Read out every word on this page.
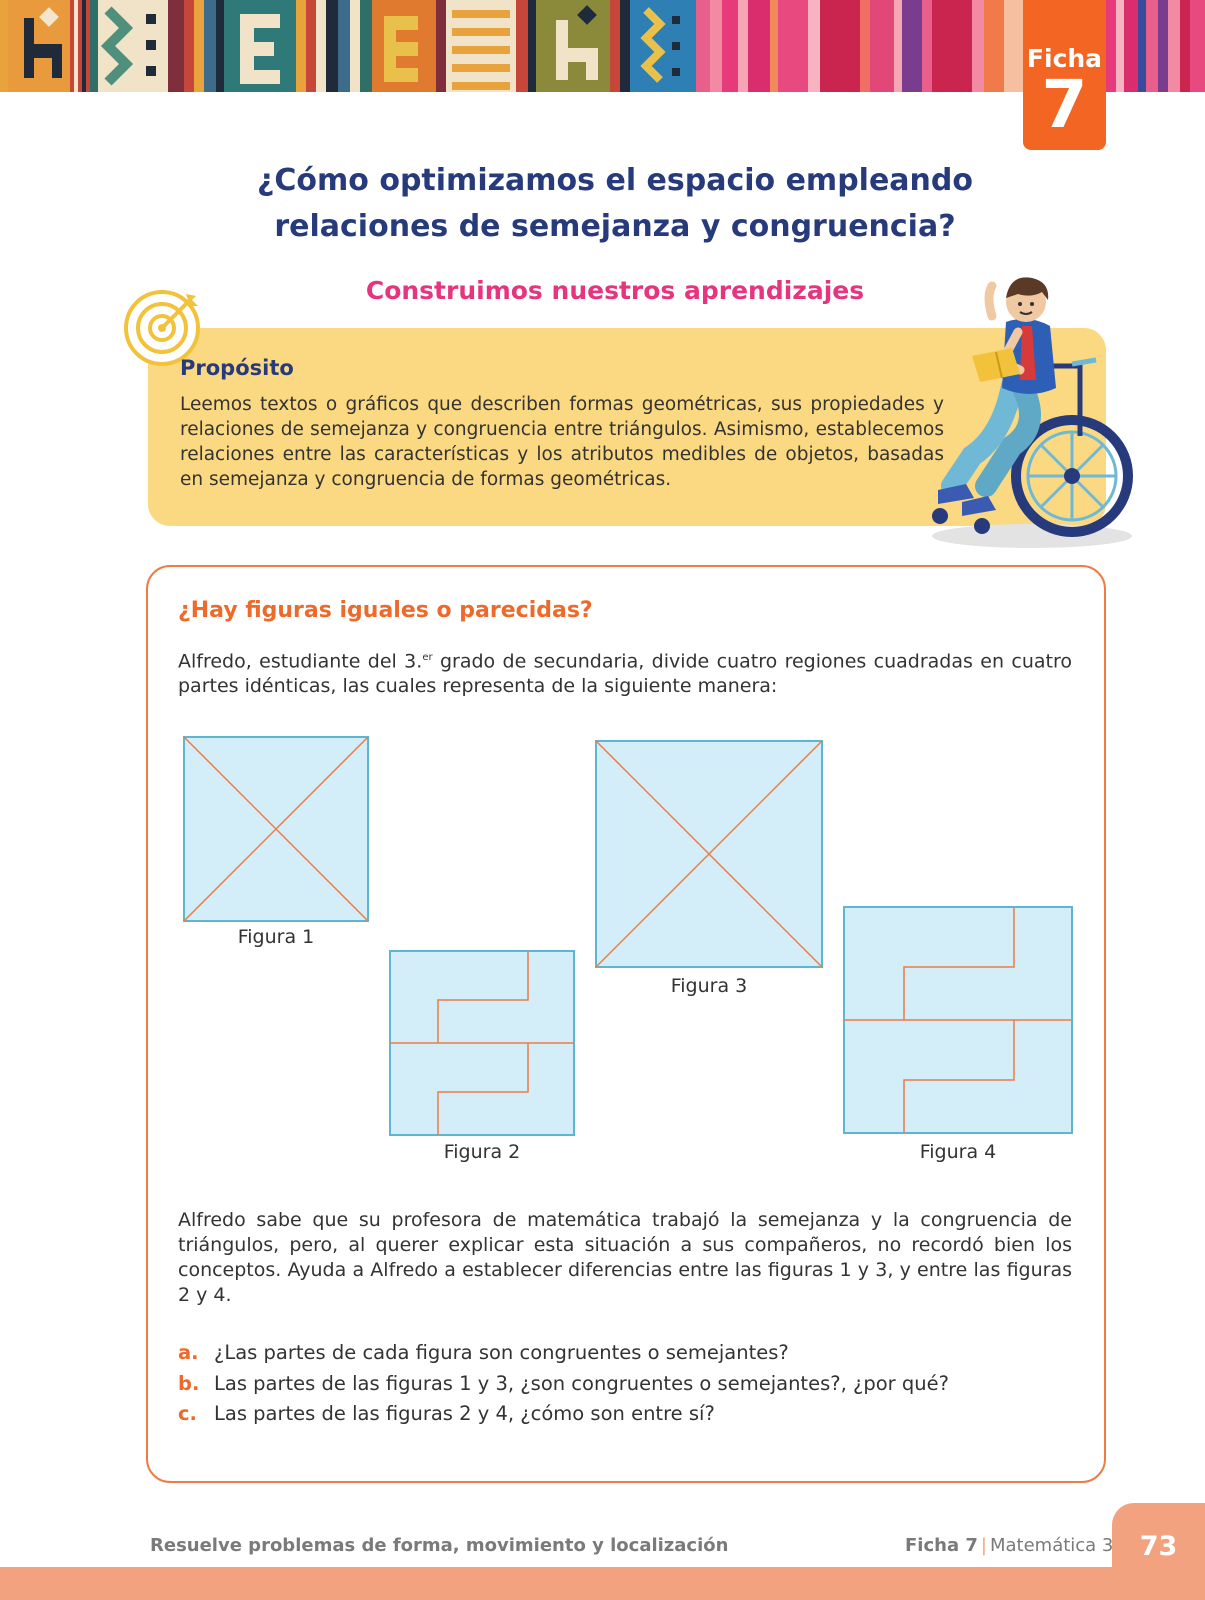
Ficha
7
¿Cómo optimizamos el espacio empleando
relaciones de semejanza y congruencia?
Construimos nuestros aprendizajes
Propósito
Leemos textos o gráficos que describen formas geométricas, sus propiedades y relaciones de semejanza y congruencia entre triángulos. Asimismo, establecemos relaciones entre las características y los atributos medibles de objetos, basadas en semejanza y congruencia de formas geométricas.
¿Hay figuras iguales o parecidas?
Alfredo, estudiante del 3.$^{er}$ grado de secundaria, divide cuatro regiones cuadradas en cuatro partes idénticas, las cuales representa de la siguiente manera:
Figura 1
Figura 2
Figura 3
Figura 4
Alfredo sabe que su profesora de matemática trabajó la semejanza y la congruencia de triángulos, pero, al querer explicar esta situación a sus compañeros, no recordó bien los conceptos. Ayuda a Alfredo a establecer diferencias entre las figuras 1 y 3, y entre las figuras 2 y 4.
a. ¿Las partes de cada figura son congruentes o semejantes?
b. Las partes de las figuras 1 y 3, ¿son congruentes o semejantes?, ¿por qué?
c. Las partes de las figuras 2 y 4, ¿cómo son entre sí?
73
Resuelve problemas de forma, movimiento y localización	Ficha 7 | Matemática 3
